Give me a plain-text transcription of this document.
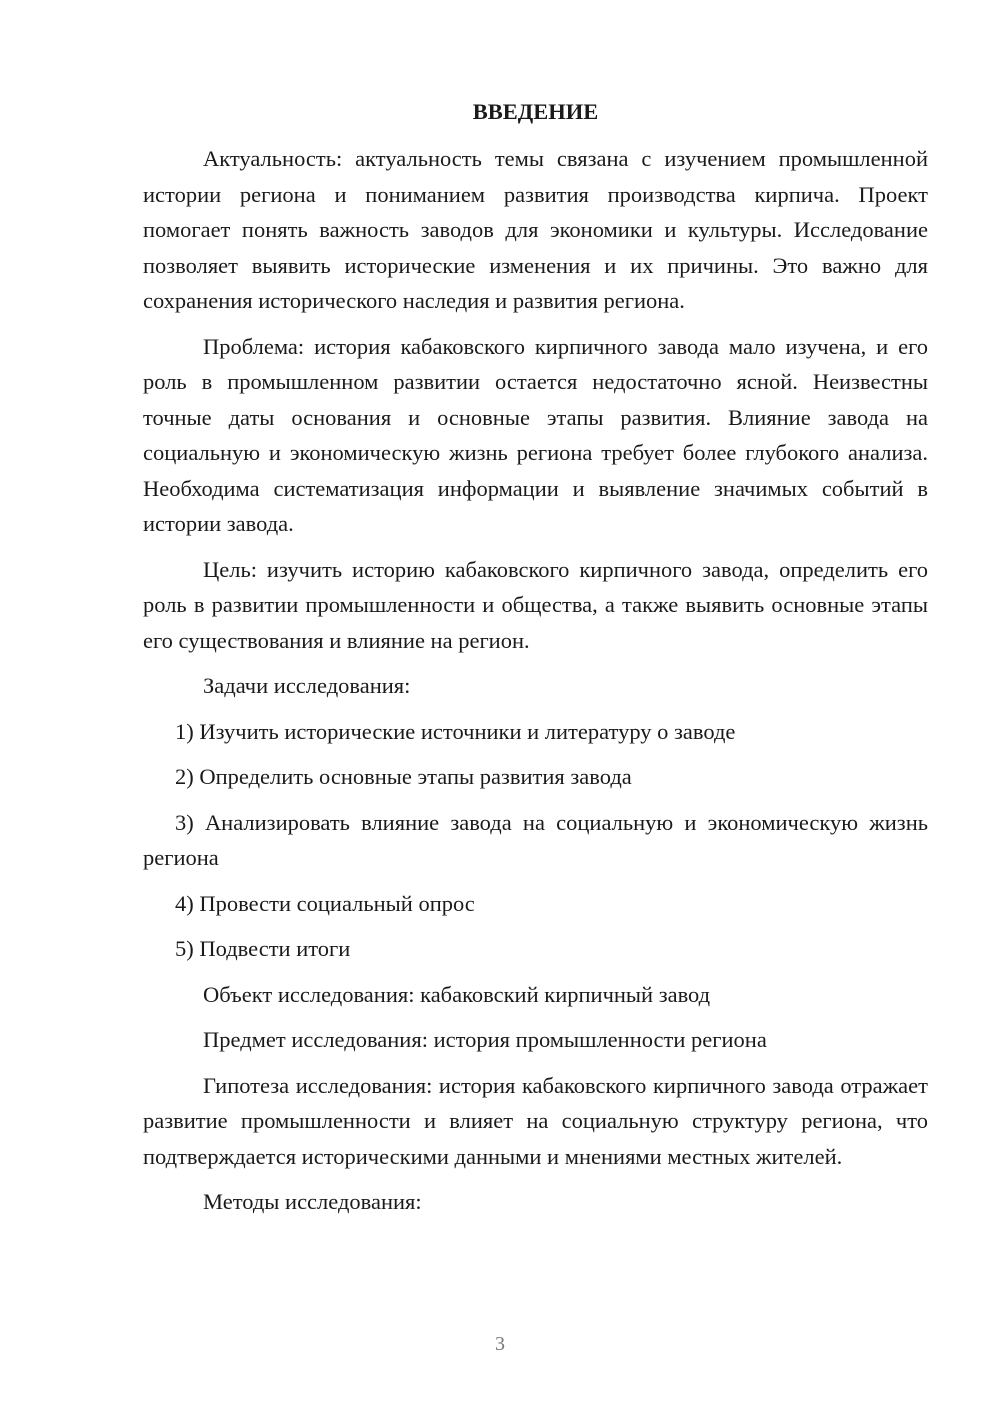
ВВЕДЕНИЕ

Актуальность: актуальность темы связана с изучением промышленной истории региона и пониманием развития производства кирпича. Проект помогает понять важность заводов для экономики и культуры. Исследование позволяет выявить исторические изменения и их причины. Это важно для сохранения исторического наследия и развития региона.

Проблема: история кабаковского кирпичного завода мало изучена, и его роль в промышленном развитии остается недостаточно ясной. Неизвестны точные даты основания и основные этапы развития. Влияние завода на социальную и экономическую жизнь региона требует более глубокого анализа. Необходима систематизация информации и выявление значимых событий в истории завода.

Цель: изучить историю кабаковского кирпичного завода, определить его роль в развитии промышленности и общества, а также выявить основные этапы его существования и влияние на регион.

Задачи исследования:

1) Изучить исторические источники и литературу о заводе

2) Определить основные этапы развития завода

3) Анализировать влияние завода на социальную и экономическую жизнь региона

4) Провести социальный опрос

5) Подвести итоги

Объект исследования: кабаковский кирпичный завод

Предмет исследования: история промышленности региона

Гипотеза исследования: история кабаковского кирпичного завода отражает развитие промышленности и влияет на социальную структуру региона, что подтверждается историческими данными и мнениями местных жителей.

Методы исследования:

3
